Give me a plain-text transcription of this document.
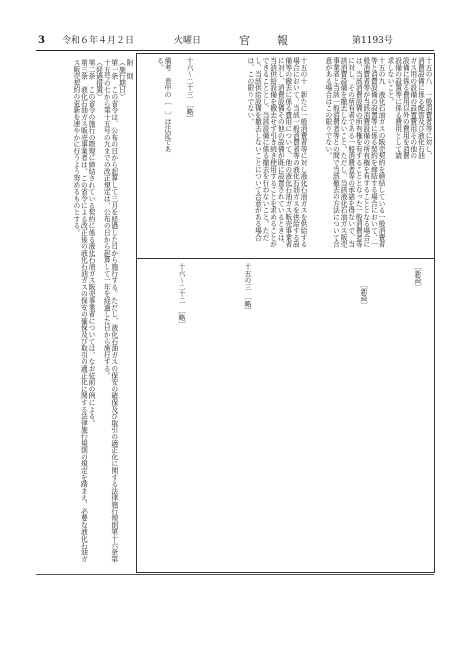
3 令和６年４月２日	火曜日	官　報	第1193号
十五の八　一般消費者等に対し、消費設備に係る配管及び液化石油ガス用の設備の設置費用その他の設備に係る費用以外の費用を消費設備の設置等に係る費用として請求しないこと。
十五の九　液化石油ガスの販売契約を締結している一般消費者等と消費設備の設置等に係る契約を締結する場合において、一般消費者等が当該消費設備の所有権を有することとなる場合には、当該消費設備の所有権を有することとなった一般消費者等に対し、その所有者である一般消費者等の承諾を得ないで、当該消費設備を撤去しないこと。ただし、当該液化石油ガス販売事業者と当該一般消費者等との間で当該撤去の方法について合意がある場合はこの限りでない。
十五の十　新たに一般消費者等に対し液化石油ガスを供給する場合において、当該一般消費者等の液化石油ガスを供給する設備等の撤去に係る費用について、他の液化石油ガス販売事業者に対し、消費設備その他の設備が既に設置されているときは、当該供給設備を撤去せず引き続き使用することを求めることができることとし、当該設備に係る撤去を行わないこと。ただし、当該供給設備を撤去しないことについて合意がある場合は、この限りでない。
十六〜二十三　［略］
備考　表中の［　］は注記である。
［新設］
［新設］
十五の三　［略］
十六〜二十二　［略］
附　則
（施行期日）
第一条　この省令は、公布の日から起算して三月を経過した日から施行する。ただし、液化石油ガスの保安の確保及び取引の適正化に関する法律施行規則第十六条第十五号の七から第十五号の九までの改正規定は、公布の日から起算して一年を経過した日から施行する。
（経過措置）
第二条　この省令の施行の際現に締結されている契約に係る液化石油ガス販売事業者については、なお従前の例による。
第三条　液化石油ガス販売事業者は、この省令による改正後の液化石油ガスの保安の確保及び取引の適正化に関する法律施行規則の規定を踏まえ、必要な液化石油ガス販売契約の更新を速やかに行うよう努めるものとする。
